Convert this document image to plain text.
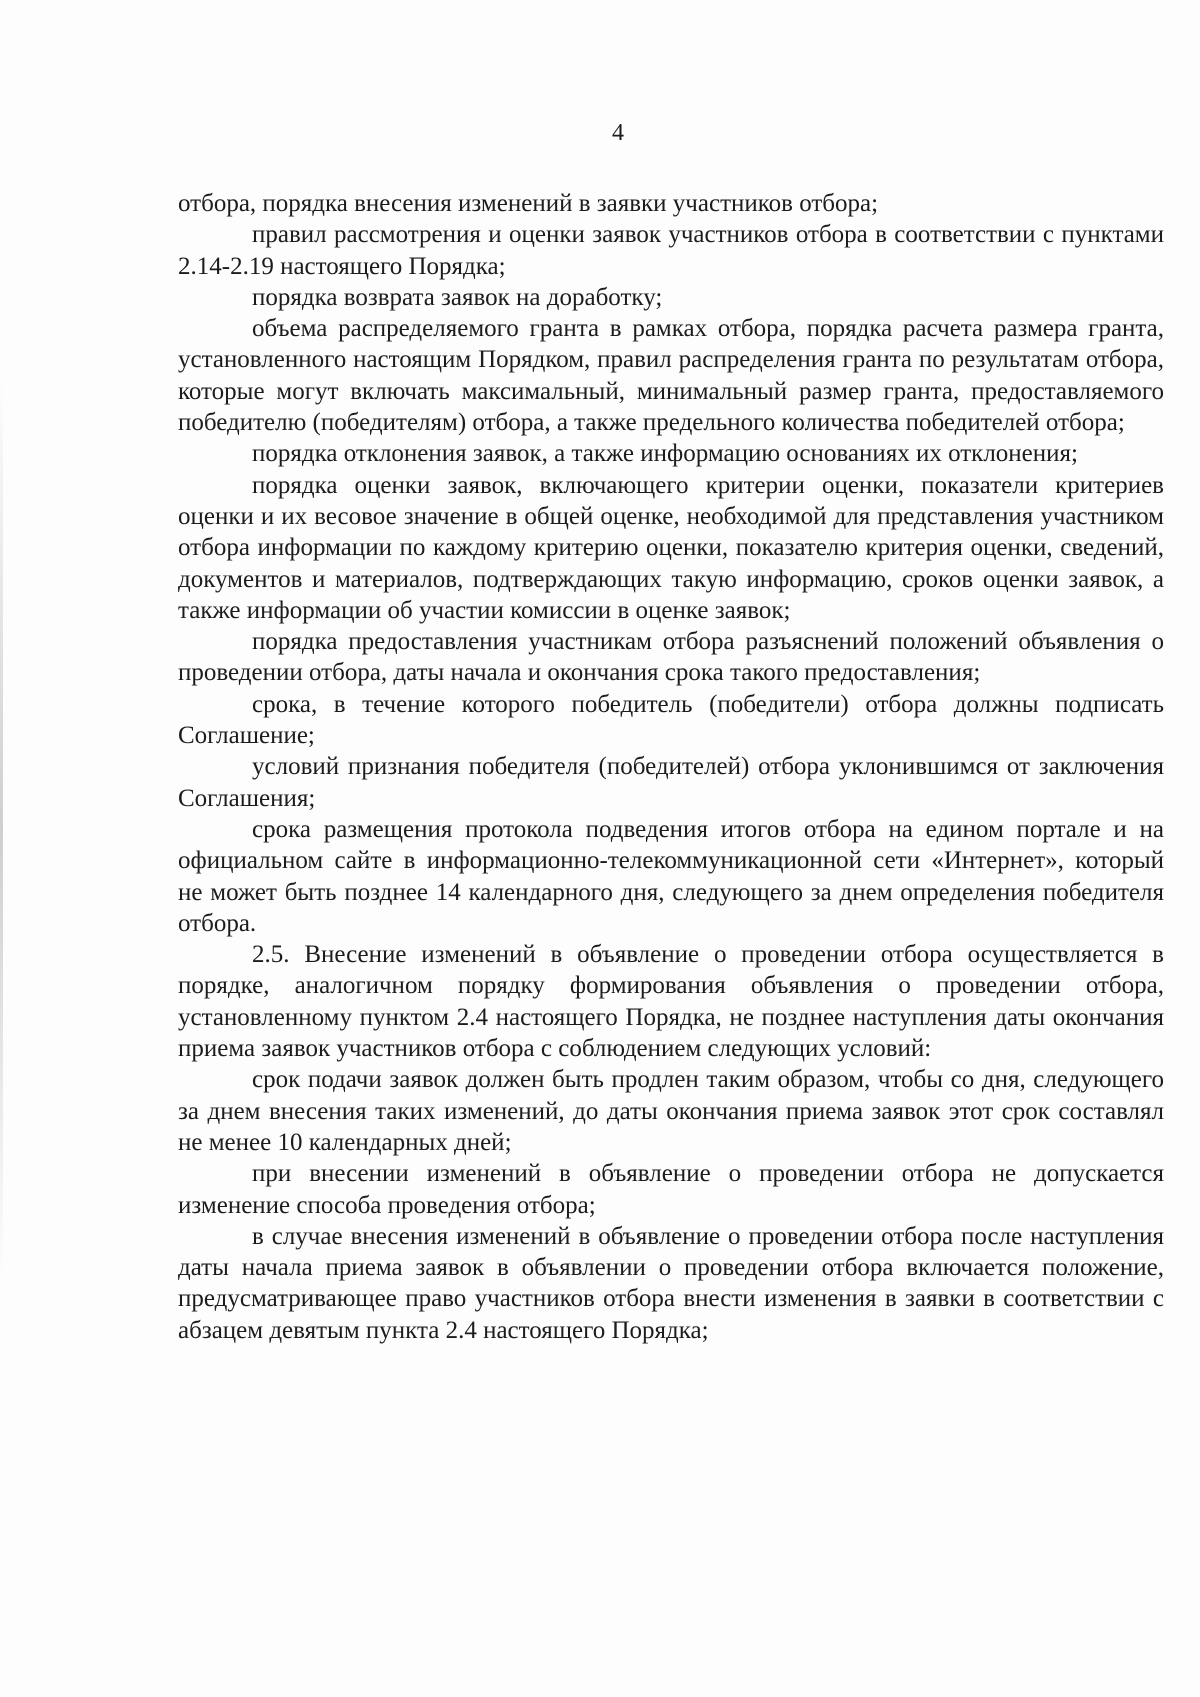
4

отбора, порядка внесения изменений в заявки участников отбора;

правил рассмотрения и оценки заявок участников отбора в соответствии с пунктами 2.14-2.19 настоящего Порядка;

порядка возврата заявок на доработку;

объема распределяемого гранта в рамках отбора, порядка расчета размера гранта, установленного настоящим Порядком, правил распределения гранта по результатам отбора, которые могут включать максимальный, минимальный размер гранта, предоставляемого победителю (победителям) отбора, а также предельного количества победителей отбора;

порядка отклонения заявок, а также информацию основаниях их отклонения;

порядка оценки заявок, включающего критерии оценки, показатели критериев оценки и их весовое значение в общей оценке, необходимой для представления участником отбора информации по каждому критерию оценки, показателю критерия оценки, сведений, документов и материалов, подтверждающих такую информацию, сроков оценки заявок, а также информации об участии комиссии в оценке заявок;

порядка предоставления участникам отбора разъяснений положений объявления о проведении отбора, даты начала и окончания срока такого предоставления;

срока, в течение которого победитель (победители) отбора должны подписать Соглашение;

условий признания победителя (победителей) отбора уклонившимся от заключения Соглашения;

срока размещения протокола подведения итогов отбора на едином портале и на официальном сайте в информационно-телекоммуникационной сети «Интернет», который не может быть позднее 14 календарного дня, следующего за днем определения победителя отбора.

2.5. Внесение изменений в объявление о проведении отбора осуществляется в порядке, аналогичном порядку формирования объявления о проведении отбора, установленному пунктом 2.4 настоящего Порядка, не позднее наступления даты окончания приема заявок участников отбора с соблюдением следующих условий:

срок подачи заявок должен быть продлен таким образом, чтобы со дня, следующего за днем внесения таких изменений, до даты окончания приема заявок этот срок составлял не менее 10 календарных дней;

при внесении изменений в объявление о проведении отбора не допускается изменение способа проведения отбора;

в случае внесения изменений в объявление о проведении отбора после наступления даты начала приема заявок в объявлении о проведении отбора включается положение, предусматривающее право участников отбора внести изменения в заявки в соответствии с абзацем девятым пункта 2.4 настоящего Порядка;
